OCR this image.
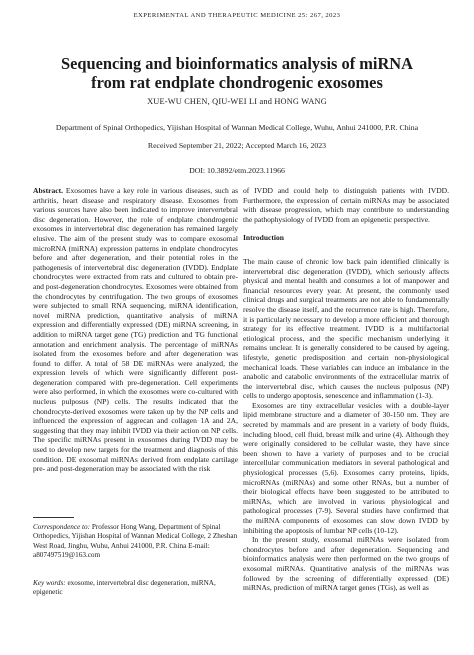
EXPERIMENTAL AND THERAPEUTIC MEDICINE 25: 267, 2023
Sequencing and bioinformatics analysis of miRNA
from rat endplate chondrogenic exosomes
XUE-WU CHEN, QIU-WEI LI and HONG WANG
Department of Spinal Orthopedics, Yijishan Hospital of Wannan Medical College, Wuhu, Anhui 241000, P.R. China
Received September 21, 2022; Accepted March 16, 2023
DOI: 10.3892/etm.2023.11966

Abstract. Exosomes have a key role in various diseases, such as arthritis, heart disease and respiratory disease. Exosomes from various sources have also been indicated to improve intervertebral disc degeneration. However, the role of endplate chondrogenic exosomes in intervertebral disc degeneration has remained largely elusive. The aim of the present study was to compare exosomal microRNA (miRNA) expression patterns in endplate chondrocytes before and after degeneration, and their potential roles in the pathogenesis of intervertebral disc degeneration (IVDD). Endplate chondrocytes were extracted from rats and cultured to obtain pre- and post-degeneration chondrocytes. Exosomes were obtained from the chondrocytes by centrifugation. The two groups of exosomes were subjected to small RNA sequencing, miRNA identification, novel miRNA prediction, quantitative analysis of miRNA expression and differentially expressed (DE) miRNA screening, in addition to miRNA target gene (TG) prediction and TG functional annotation and enrichment analysis. The percentage of miRNAs isolated from the exosomes before and after degeneration was found to differ. A total of 58 DE miRNAs were analyzed, the expression levels of which were significantly different post-degeneration compared with pre-degeneration. Cell experiments were also performed, in which the exosomes were co-cultured with nucleus pulposus (NP) cells. The results indicated that the chondrocyte-derived exosomes were taken up by the NP cells and influenced the expression of aggrecan and collagen 1A and 2A, suggesting that they may inhibit IVDD via their action on NP cells. The specific miRNAs present in exosomes during IVDD may be used to develop new targets for the treatment and diagnosis of this condition. DE exosomal miRNAs derived from endplate cartilage pre- and post-degeneration may be associated with the risk

of IVDD and could help to distinguish patients with IVDD. Furthermore, the expression of certain miRNAs may be associated with disease progression, which may contribute to understanding the pathophysiology of IVDD from an epigenetic perspective.

Introduction

The main cause of chronic low back pain identified clinically is intervertebral disc degeneration (IVDD), which seriously affects physical and mental health and consumes a lot of manpower and financial resources every year. At present, the commonly used clinical drugs and surgical treatments are not able to fundamentally resolve the disease itself, and the recurrence rate is high. Therefore, it is particularly necessary to develop a more efficient and thorough strategy for its effective treatment. IVDD is a multifactorial etiological process, and the specific mechanism underlying it remains unclear. It is generally considered to be caused by ageing, lifestyle, genetic predisposition and certain non-physiological mechanical loads. These variables can induce an imbalance in the anabolic and catabolic environments of the extracellular matrix of the intervertebral disc, which causes the nucleus pulposus (NP) cells to undergo apoptosis, senescence and inflammation (1-3).

Exosomes are tiny extracellular vesicles with a double-layer lipid membrane structure and a diameter of 30-150 nm. They are secreted by mammals and are present in a variety of body fluids, including blood, cell fluid, breast milk and urine (4). Although they were originally considered to be cellular waste, they have since been shown to have a variety of purposes and to be crucial intercellular communication mediators in several pathological and physiological processes (5,6). Exosomes carry proteins, lipids, microRNAs (miRNAs) and some other RNAs, but a number of their biological effects have been suggested to be attributed to miRNAs, which are involved in various physiological and pathological processes (7-9). Several studies have confirmed that the miRNA components of exosomes can slow down IVDD by inhibiting the apoptosis of lumbar NP cells (10-12).

In the present study, exosomal miRNAs were isolated from chondrocytes before and after degeneration. Sequencing and bioinformatics analysis were then performed on the two groups of exosomal miRNAs. Quantitative analysis of the miRNAs was followed by the screening of differentially expressed (DE) miRNAs, prediction of miRNA target genes (TGs), as well as

Correspondence to: Professor Hong Wang, Department of Spinal Orthopedics, Yijishan Hospital of Wannan Medical College, 2 Zheshan West Road, Jinghu, Wuhu, Anhui 241000, P.R. China E-mail: a807497519@163.com
Key words: exosome, intervertebral disc degeneration, miRNA, epigenetic
